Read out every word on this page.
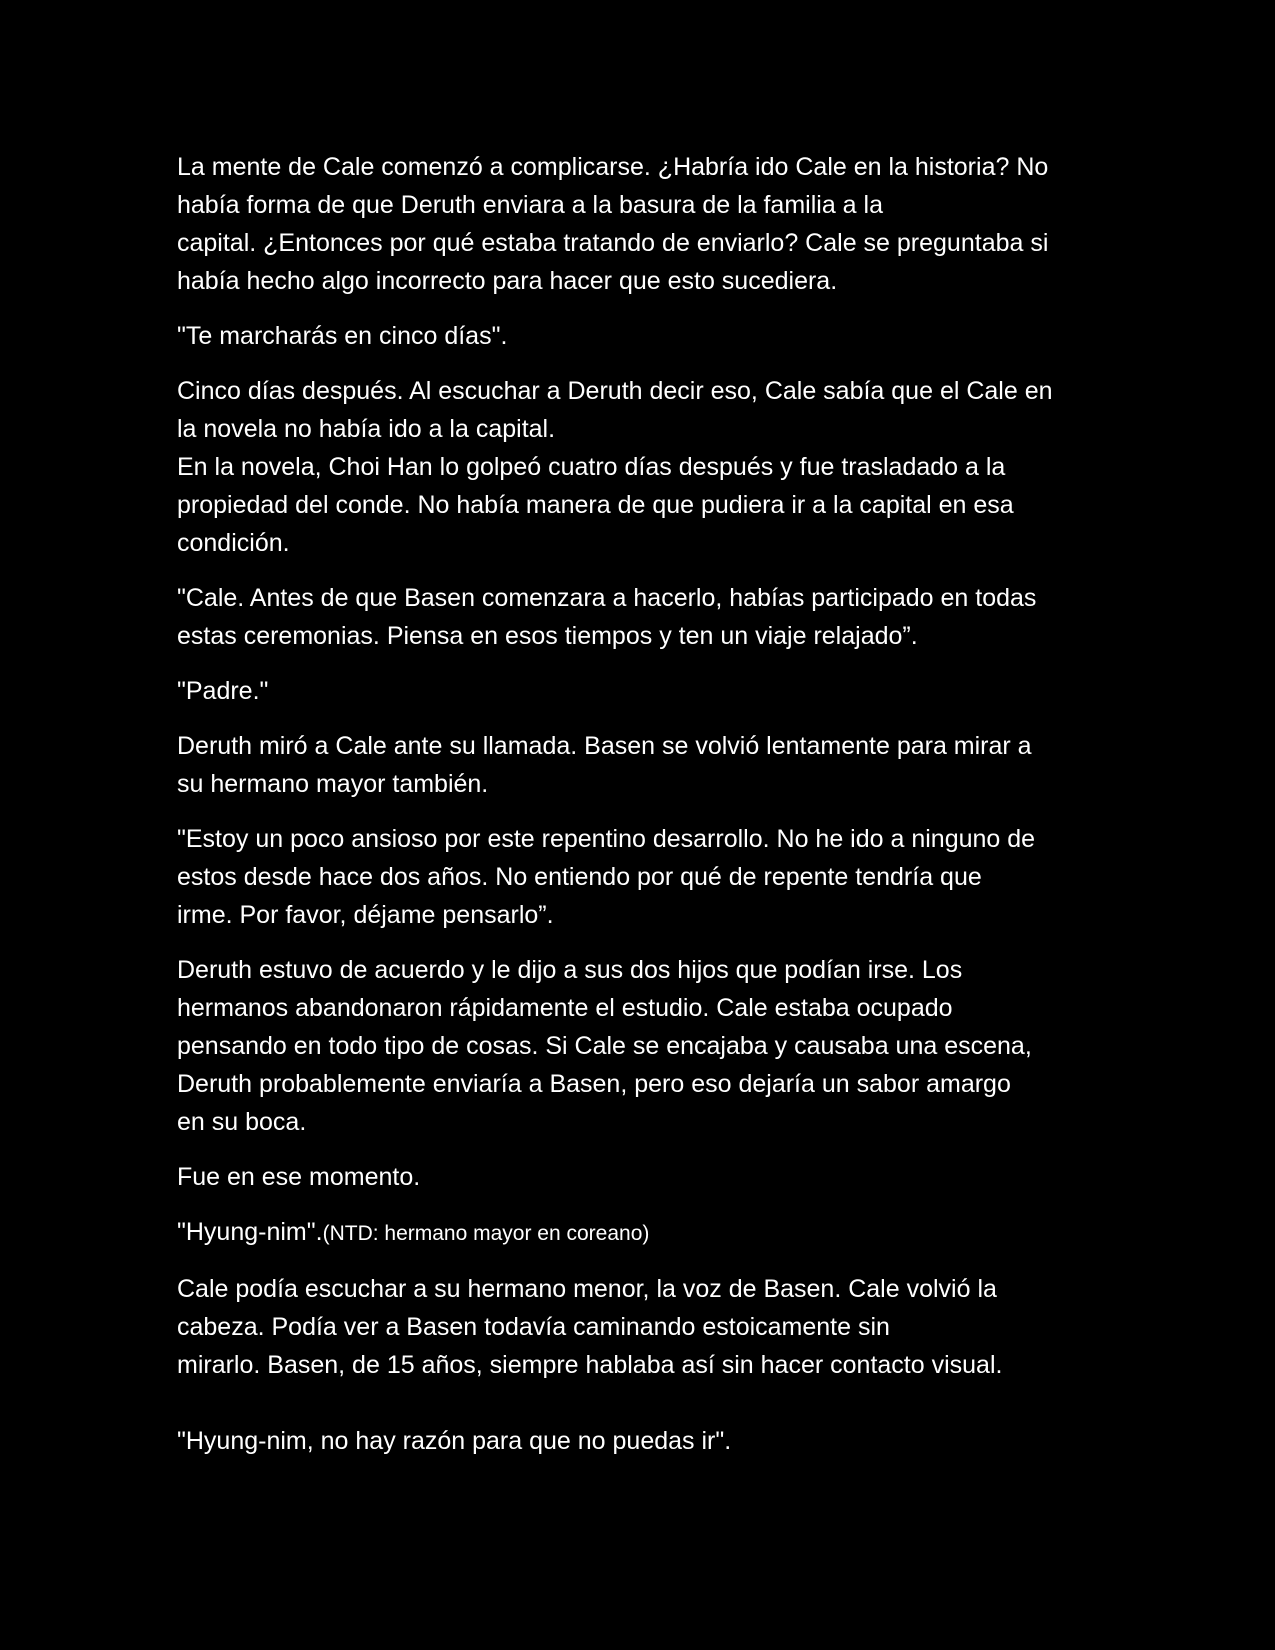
La mente de Cale comenzó a complicarse. ¿Habría ido Cale en la historia? No
había forma de que Deruth enviara a la basura de la familia a la
capital. ¿Entonces por qué estaba tratando de enviarlo? Cale se preguntaba si
había hecho algo incorrecto para hacer que esto sucediera.

"Te marcharás en cinco días".

Cinco días después. Al escuchar a Deruth decir eso, Cale sabía que el Cale en
la novela no había ido a la capital.
En la novela, Choi Han lo golpeó cuatro días después y fue trasladado a la
propiedad del conde. No había manera de que pudiera ir a la capital en esa
condición.

"Cale. Antes de que Basen comenzara a hacerlo, habías participado en todas
estas ceremonias. Piensa en esos tiempos y ten un viaje relajado”.

"Padre."

Deruth miró a Cale ante su llamada. Basen se volvió lentamente para mirar a
su hermano mayor también.

"Estoy un poco ansioso por este repentino desarrollo. No he ido a ninguno de
estos desde hace dos años. No entiendo por qué de repente tendría que
irme. Por favor, déjame pensarlo”.

Deruth estuvo de acuerdo y le dijo a sus dos hijos que podían irse. Los
hermanos abandonaron rápidamente el estudio. Cale estaba ocupado
pensando en todo tipo de cosas. Si Cale se encajaba y causaba una escena,
Deruth probablemente enviaría a Basen, pero eso dejaría un sabor amargo
en su boca.

Fue en ese momento.

"Hyung-nim".(NTD: hermano mayor en coreano)

Cale podía escuchar a su hermano menor, la voz de Basen. Cale volvió la
cabeza. Podía ver a Basen todavía caminando estoicamente sin
mirarlo. Basen, de 15 años, siempre hablaba así sin hacer contacto visual.

"Hyung-nim, no hay razón para que no puedas ir".
